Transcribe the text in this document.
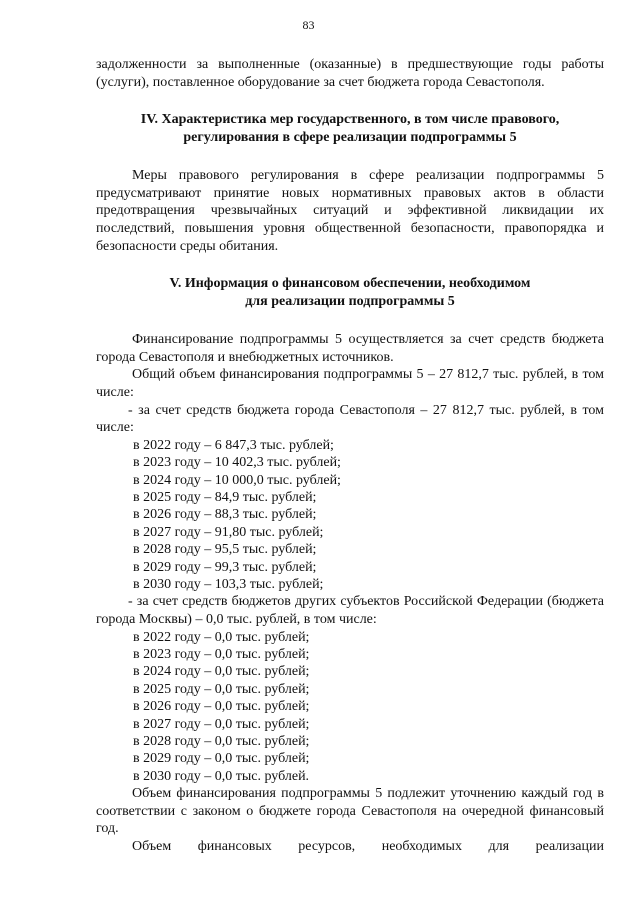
83

задолженности за выполненные (оказанные) в предшествующие годы работы (услуги), поставленное оборудование за счет бюджета города Севастополя.

IV. Характеристика мер государственного, в том числе правового,

регулирования в сфере реализации подпрограммы 5

Меры правового регулирования в сфере реализации подпрограммы 5 предусматривают принятие новых нормативных правовых актов в области предотвращения чрезвычайных ситуаций и эффективной ликвидации их последствий, повышения уровня общественной безопасности, правопорядка и безопасности среды обитания.

V. Информация о финансовом обеспечении, необходимом

для реализации подпрограммы 5

Финансирование подпрограммы 5 осуществляется за счет средств бюджета города Севастополя и внебюджетных источников.

Общий объем финансирования подпрограммы 5 – 27 812,7 тыс. рублей, в том числе:

- за счет средств бюджета города Севастополя – 27 812,7 тыс. рублей, в том числе:

в 2022 году – 6 847,3 тыс. рублей;
в 2023 году – 10 402,3 тыс. рублей;
в 2024 году – 10 000,0 тыс. рублей;
в 2025 году – 84,9 тыс. рублей;
в 2026 году – 88,3 тыс. рублей;
в 2027 году – 91,80 тыс. рублей;
в 2028 году – 95,5 тыс. рублей;
в 2029 году – 99,3 тыс. рублей;
в 2030 году – 103,3 тыс. рублей;

- за счет средств бюджетов других субъектов Российской Федерации (бюджета города Москвы) – 0,0 тыс. рублей, в том числе:

в 2022 году – 0,0 тыс. рублей;
в 2023 году – 0,0 тыс. рублей;
в 2024 году – 0,0 тыс. рублей;
в 2025 году – 0,0 тыс. рублей;
в 2026 году – 0,0 тыс. рублей;
в 2027 году – 0,0 тыс. рублей;
в 2028 году – 0,0 тыс. рублей;
в 2029 году – 0,0 тыс. рублей;
в 2030 году – 0,0 тыс. рублей.

Объем финансирования подпрограммы 5 подлежит уточнению каждый год в соответствии с законом о бюджете города Севастополя на очередной финансовый год.

Объем финансовых ресурсов, необходимых для реализации
